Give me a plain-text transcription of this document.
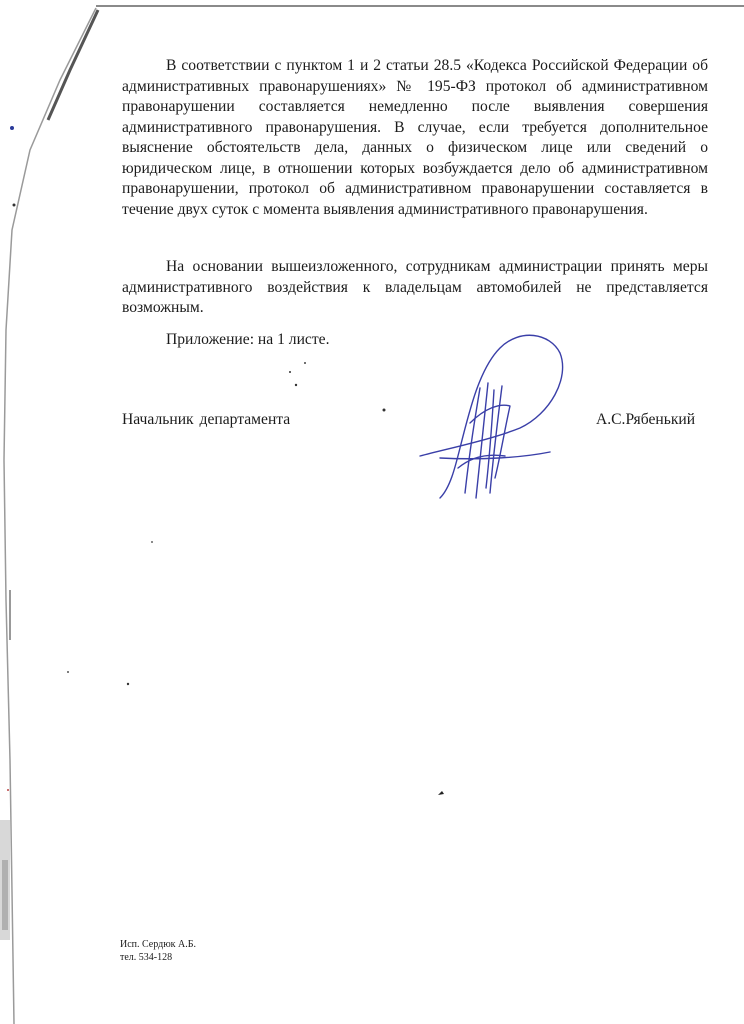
В соответствии с пунктом 1 и 2 статьи 28.5 «Кодекса Российской Федерации об административных правонарушениях» № 195-ФЗ протокол об административном правонарушении составляется немедленно после выявления совершения административного правонарушения. В случае, если требуется дополнительное выяснение обстоятельств дела, данных о физическом лице или сведений о юридическом лице, в отношении которых возбуждается дело об административном правонарушении, протокол об административном правонарушении составляется в течение двух суток с момента выявления административного правонарушения.

На основании вышеизложенного, сотрудникам администрации принять меры административного воздействия к владельцам автомобилей не представляется возможным.

Приложение: на 1 листе.

Начальник департамента	А.С.Рябенький

Исп. Сердюк А.Б.
тел. 534-128
